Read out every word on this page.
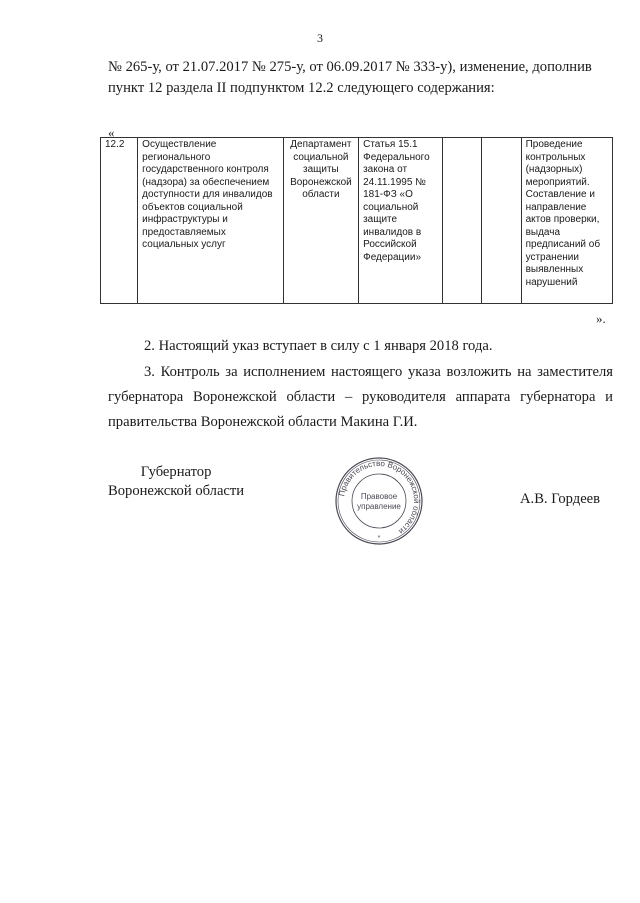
3

№ 265-у, от 21.07.2017 № 275-у, от 06.09.2017 № 333-у), изменение, дополнив
пункт 12 раздела II подпунктом 12.2 следующего содержания:

«
12.2	Осуществление регионального государственного контроля (надзора) за обеспечением доступности для инвалидов объектов социальной инфраструктуры и предоставляемых социальных услуг	Департамент социальной защиты Воронежской области	Статья 15.1 Федерального закона от 24.11.1995 № 181-ФЗ «О социальной защите инвалидов в Российской Федерации»			Проведение контрольных (надзорных) мероприятий. Составление и направление актов проверки, выдача предписаний об устранении выявленных нарушений
».

2. Настоящий указ вступает в силу с 1 января 2018 года.

3. Контроль за исполнением настоящего указа возложить на заместителя губернатора Воронежской области – руководителя аппарата губернатора и правительства Воронежской области Макина Г.И.

Губернатор
Воронежской области	Правительство Воронежской области
Правовое
управление
*
А.В. Гордеев
